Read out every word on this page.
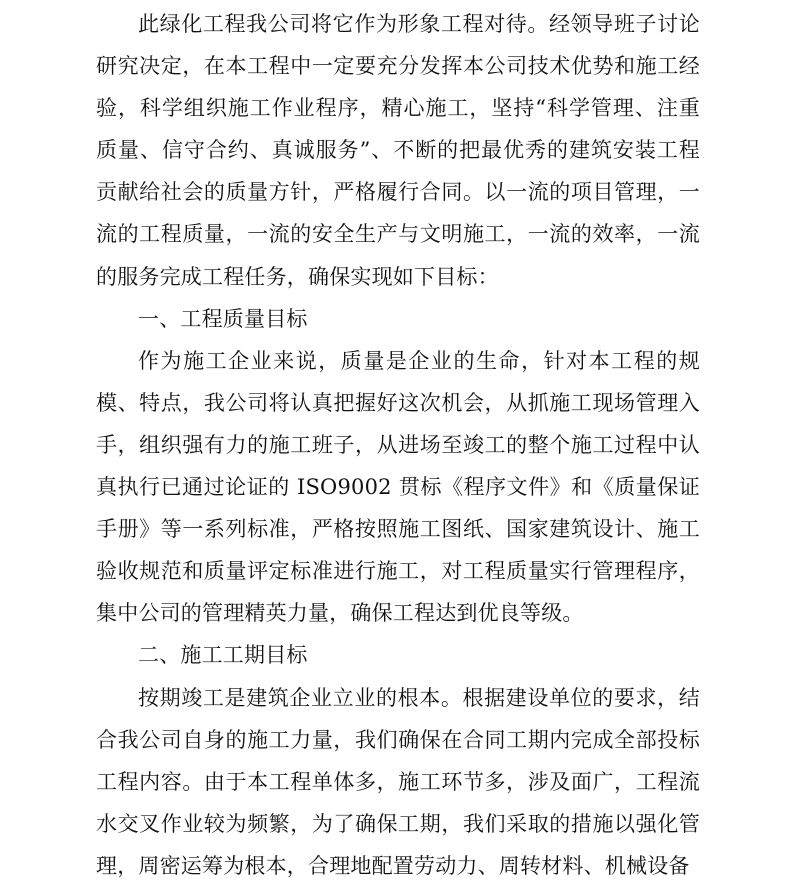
此绿化工程我公司将它作为形象工程对待。经领导班子讨论研究决定，在本工程中一定要充分发挥本公司技术优势和施工经验，科学组织施工作业程序，精心施工，坚持“科学管理、注重质量、信守合约、真诚服务”、不断的把最优秀的建筑安装工程贡献给社会的质量方针，严格履行合同。以一流的项目管理，一流的工程质量，一流的安全生产与文明施工，一流的效率，一流的服务完成工程任务，确保实现如下目标：

一、工程质量目标

作为施工企业来说，质量是企业的生命，针对本工程的规模、特点，我公司将认真把握好这次机会，从抓施工现场管理入手，组织强有力的施工班子，从进场至竣工的整个施工过程中认真执行已通过论证的 ISO9002 贯标《程序文件》和《质量保证手册》等一系列标准，严格按照施工图纸、国家建筑设计、施工验收规范和质量评定标准进行施工，对工程质量实行管理程序，集中公司的管理精英力量，确保工程达到优良等级。

二、施工工期目标

按期竣工是建筑企业立业的根本。根据建设单位的要求，结合我公司自身的施工力量，我们确保在合同工期内完成全部投标工程内容。由于本工程单体多，施工环节多，涉及面广，工程流水交叉作业较为频繁，为了确保工期，我们采取的措施以强化管理，周密运筹为根本，合理地配置劳动力、周转材料、机械设备
